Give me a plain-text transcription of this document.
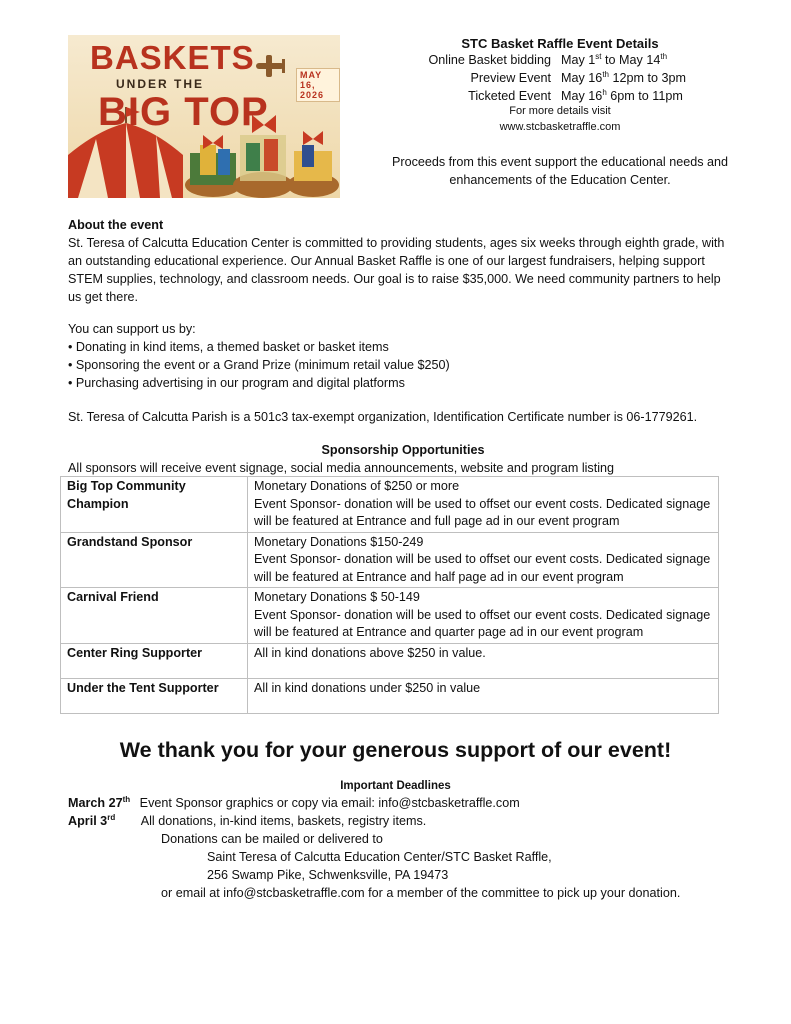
BASKETS
UNDER THE
BIG TOP
MAY 16, 2026
STC Basket Raffle Event Details
Online Basket bidding May 1st to May 14th
Preview Event May 16th 12pm to 3pm
Ticketed Event May 16$^h$ 6pm to 11pm
For more details visit
www.stcbasketraffle.com
Proceeds from this event support the educational needs and enhancements of the Education Center.
About the event
St. Teresa of Calcutta Education Center is committed to providing students, ages six weeks through eighth grade, with an outstanding educational experience. Our Annual Basket Raffle is one of our largest fundraisers, helping support STEM supplies, technology, and classroom needs. Our goal is to raise $35,000. We need community partners to help us get there.
You can support us by:
• Donating in kind items, a themed basket or basket items
• Sponsoring the event or a Grand Prize (minimum retail value $250)
• Purchasing advertising in our program and digital platforms
St. Teresa of Calcutta Parish is a 501c3 tax-exempt organization, Identification Certificate number is 06-1779261.
Sponsorship Opportunities
All sponsors will receive event signage, social media announcements, website and program listing
Big Top Community Champion	Monetary Donations of $250 or more
Event Sponsor- donation will be used to offset our event costs. Dedicated signage will be featured at Entrance and full page ad in our event program

Grandstand Sponsor	Monetary Donations $150-249
Event Sponsor- donation will be used to offset our event costs. Dedicated signage will be featured at Entrance and half page ad in our event program

Carnival Friend	Monetary Donations $ 50-149
Event Sponsor- donation will be used to offset our event costs. Dedicated signage will be featured at Entrance and quarter page ad in our event program

Center Ring Supporter	All in kind donations above $250 in value.

Under the Tent Supporter	All in kind donations under $250 in value
We thank you for your generous support of our event!
Important Deadlines
March 27th Event Sponsor graphics or copy via email: info@stcbasketraffle.com
April 3rd All donations, in-kind items, baskets, registry items.
Donations can be mailed or delivered to
Saint Teresa of Calcutta Education Center/STC Basket Raffle,
256 Swamp Pike, Schwenksville, PA 19473
or email at info@stcbasketraffle.com for a member of the committee to pick up your donation.
